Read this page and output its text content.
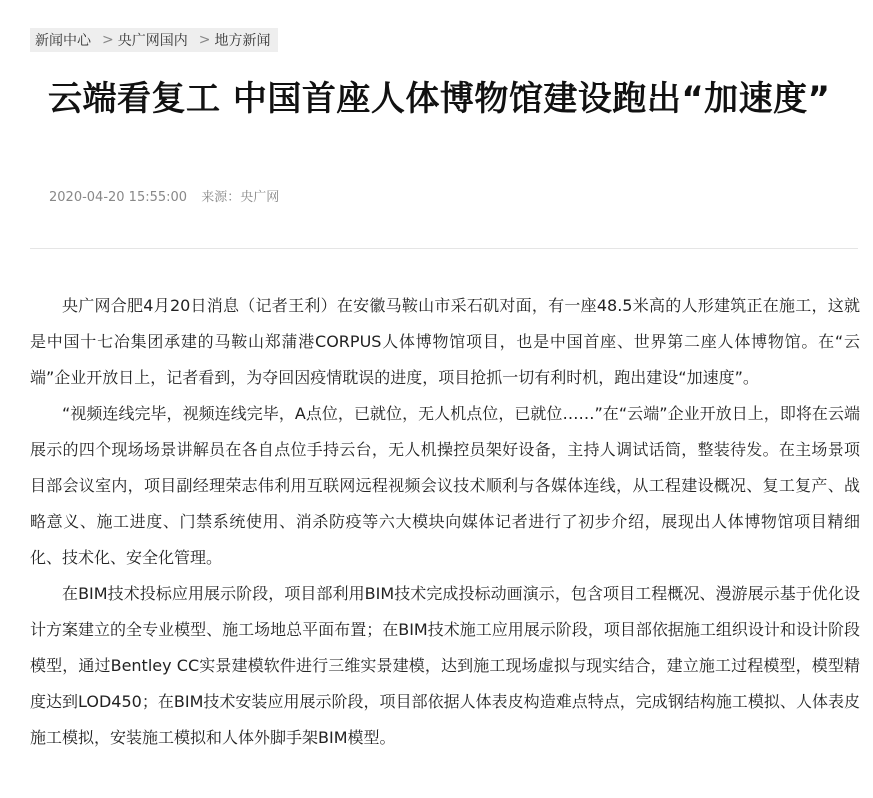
新闻中心 > 央广网国内 > 地方新闻
云端看复工 中国首座人体博物馆建设跑出“加速度”
2020-04-20 15:55:00 来源：央广网

央广网合肥4月20日消息（记者王利）在安徽马鞍山市采石矶对面，有一座48.5米高的人形建筑正在施工，这就是中国十七冶集团承建的马鞍山郑蒲港CORPUS人体博物馆项目，也是中国首座、世界第二座人体博物馆。在“云端”企业开放日上，记者看到，为夺回因疫情耽误的进度，项目抢抓一切有利时机，跑出建设“加速度”。

“视频连线完毕，视频连线完毕，A点位，已就位，无人机点位，已就位……”在“云端”企业开放日上，即将在云端展示的四个现场场景讲解员在各自点位手持云台，无人机操控员架好设备，主持人调试话筒，整装待发。在主场景项目部会议室内，项目副经理荣志伟利用互联网远程视频会议技术顺利与各媒体连线，从工程建设概况、复工复产、战略意义、施工进度、门禁系统使用、消杀防疫等六大模块向媒体记者进行了初步介绍，展现出人体博物馆项目精细化、技术化、安全化管理。

在BIM技术投标应用展示阶段，项目部利用BIM技术完成投标动画演示，包含项目工程概况、漫游展示基于优化设计方案建立的全专业模型、施工场地总平面布置；在BIM技术施工应用展示阶段，项目部依据施工组织设计和设计阶段模型，通过Bentley CC实景建模软件进行三维实景建模，达到施工现场虚拟与现实结合，建立施工过程模型，模型精度达到LOD450；在BIM技术安装应用展示阶段，项目部依据人体表皮构造难点特点，完成钢结构施工模拟、人体表皮施工模拟，安装施工模拟和人体外脚手架BIM模型。
